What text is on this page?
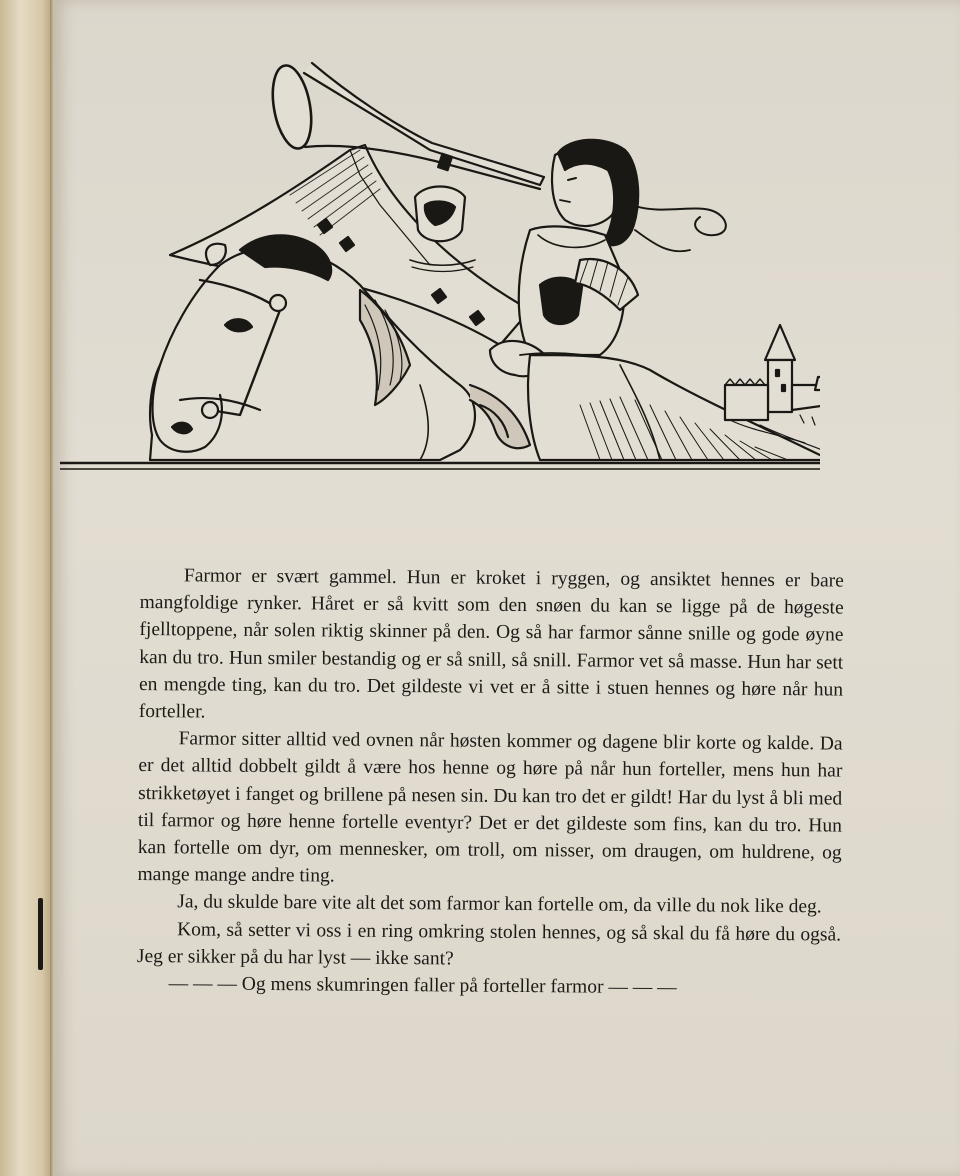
Farmor er svært gammel. Hun er kroket i ryggen, og ansiktet hennes er bare mangfoldige rynker. Håret er så kvitt som den snøen du kan se ligge på de høgeste fjelltoppene, når solen riktig skinner på den. Og så har farmor sånne snille og gode øyne kan du tro. Hun smiler bestandig og er så snill, så snill. Farmor vet så masse. Hun har sett en mengde ting, kan du tro. Det gildeste vi vet er å sitte i stuen hennes og høre når hun forteller.

Farmor sitter alltid ved ovnen når høsten kommer og dagene blir korte og kalde. Da er det alltid dobbelt gildt å være hos henne og høre på når hun forteller, mens hun har strikketøyet i fanget og brillene på nesen sin. Du kan tro det er gildt! Har du lyst å bli med til farmor og høre henne fortelle eventyr? Det er det gildeste som fins, kan du tro. Hun kan fortelle om dyr, om mennesker, om troll, om nisser, om draugen, om huldrene, og mange mange andre ting.

Ja, du skulde bare vite alt det som farmor kan fortelle om, da ville du nok like deg.

Kom, så setter vi oss i en ring omkring stolen hennes, og så skal du få høre du også. Jeg er sikker på du har lyst — ikke sant?

— — — Og mens skumringen faller på forteller farmor — — —
